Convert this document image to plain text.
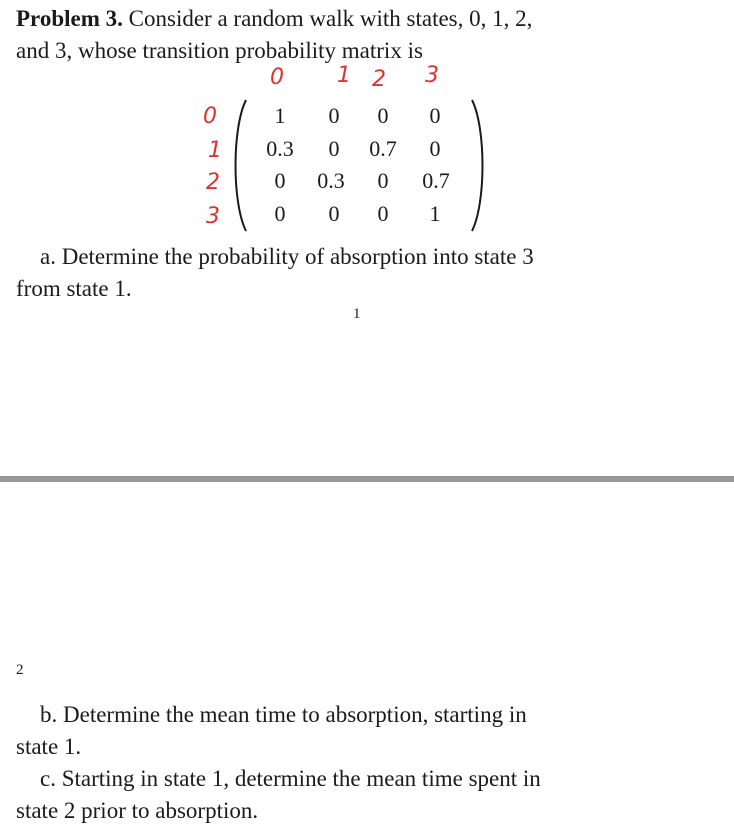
Problem 3. Consider a random walk with states, 0, 1, 2,
and 3, whose transition probability matrix is
0 1 2 3
0
1
2
3
1	0	0	0
0.3	0	0.7	0
0	0.3	0	0.7
0	0	0	1
a. Determine the probability of absorption into state 3
from state 1.
1
2
b. Determine the mean time to absorption, starting in
state 1.
c. Starting in state 1, determine the mean time spent in
state 2 prior to absorption.
